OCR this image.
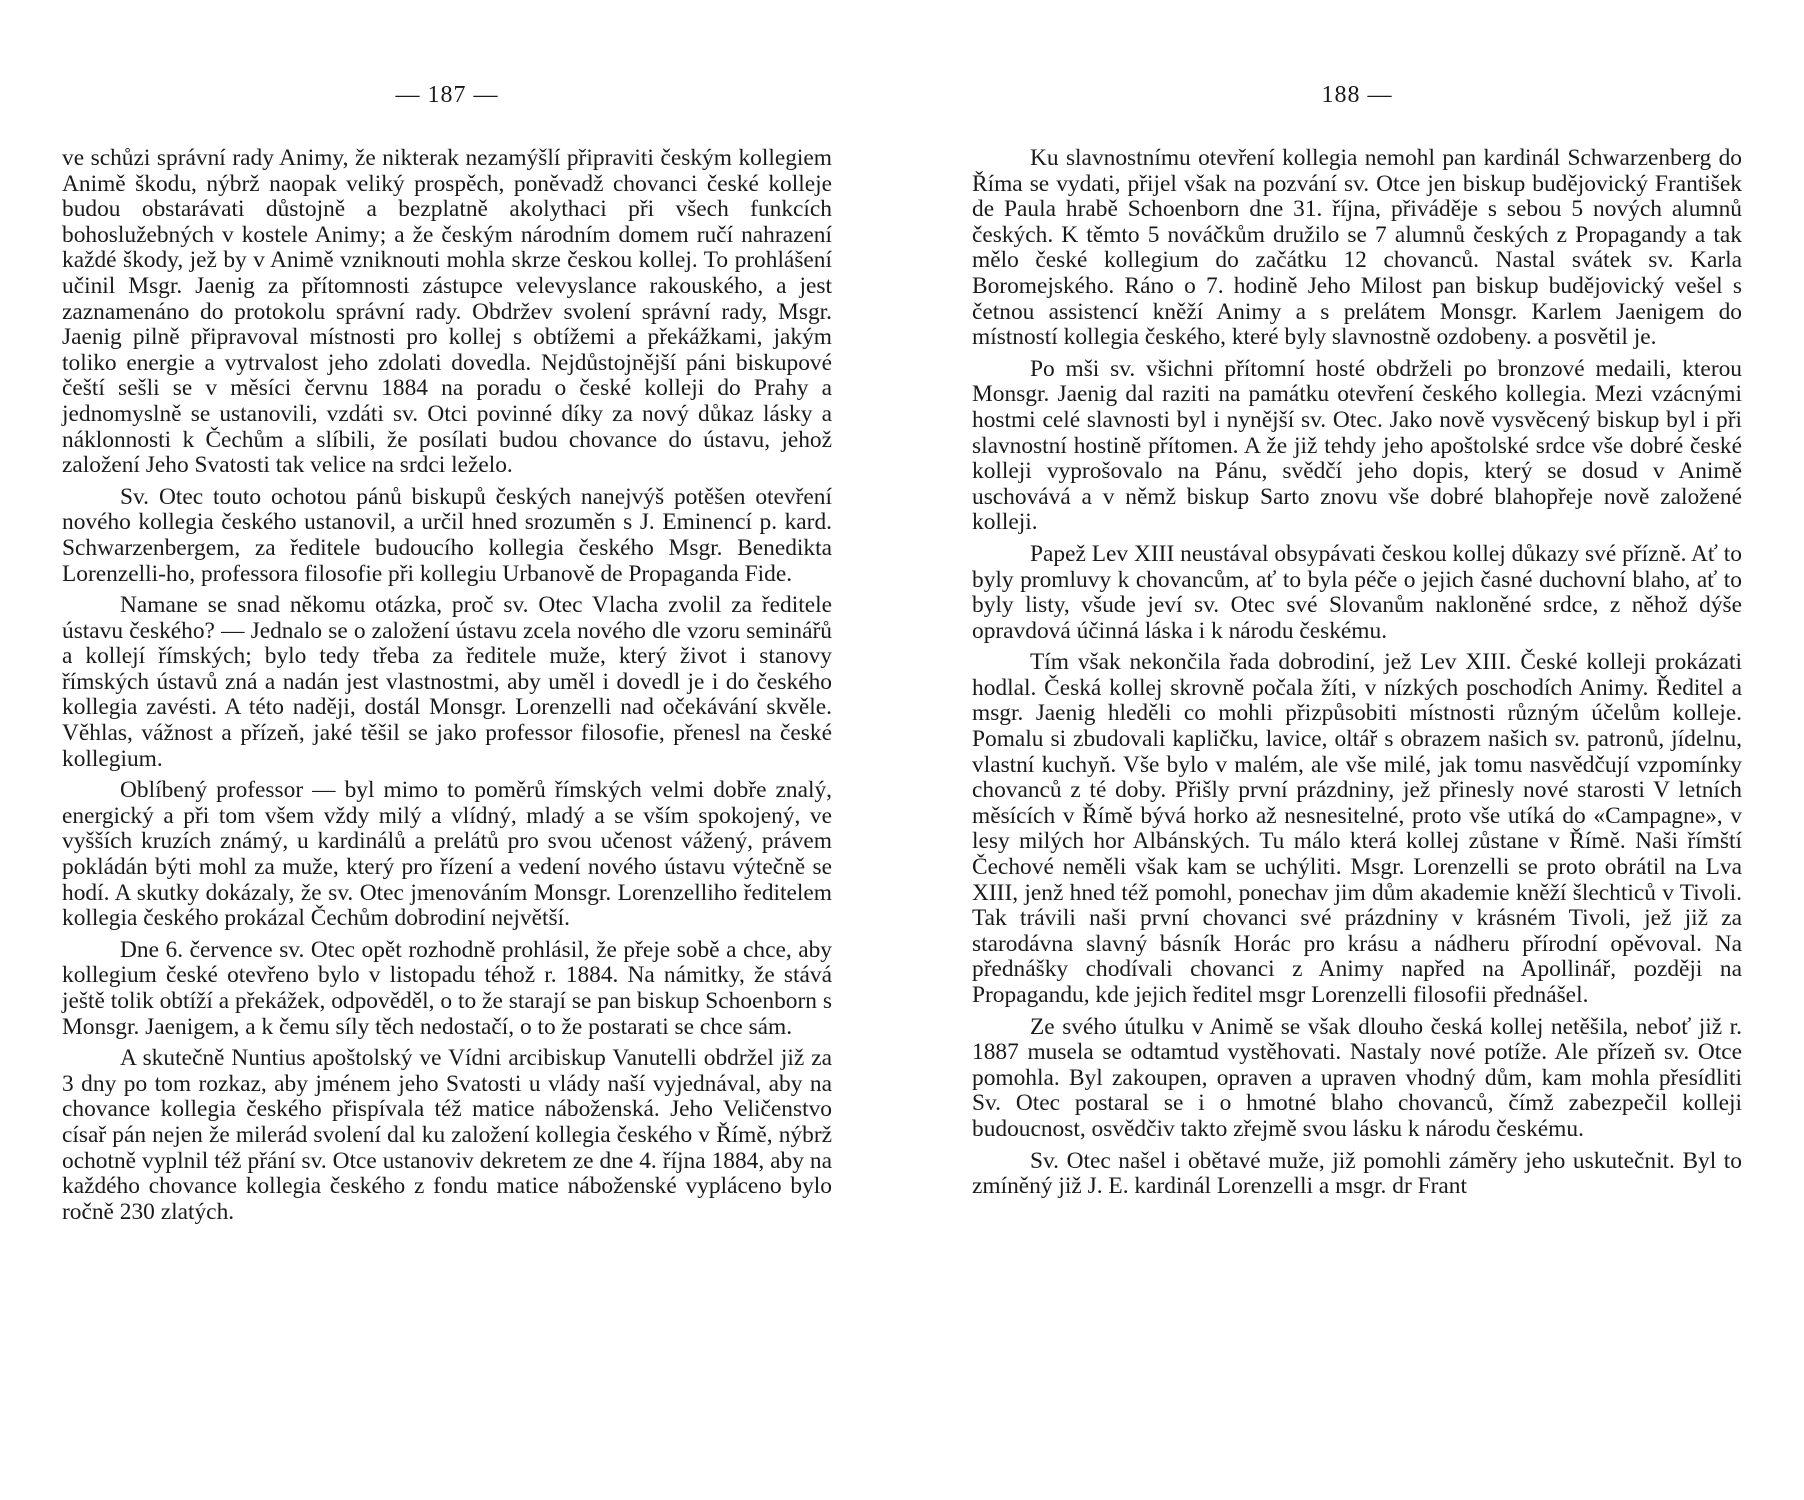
— 187 —

ve schůzi správní rady Animy, že nikterak nezamýšlí připraviti českým kollegiem Animě škodu, nýbrž naopak veliký prospěch, poněvadž chovanci české kolleje budou obstarávati důstojně a bezplatně akolythaci při všech funkcích bohoslužebných v kostele Animy; a že českým národním domem ručí nahrazení každé škody, jež by v Animě vzniknouti mohla skrze českou kollej. To prohlášení učinil Msgr. Jaenig za přítomnosti zástupce velevyslance rakouského, a jest zaznamenáno do protokolu správní rady. Obdržev svolení správní rady, Msgr. Jaenig pilně připravoval místnosti pro kollej s obtížemi a překážkami, jakým toliko energie a vytrvalost jeho zdolati dovedla. Nejdůstojnější páni biskupové čeští sešli se v měsíci červnu 1884 na poradu o české kolleji do Prahy a jednomyslně se ustanovili, vzdáti sv. Otci povinné díky za nový důkaz lásky a náklonnosti k Čechům a slíbili, že posílati budou chovance do ústavu, jehož založení Jeho Svatosti tak velice na srdci leželo.

Sv. Otec touto ochotou pánů biskupů českých nanejvýš potěšen otevření nového kollegia českého ustanovil, a určil hned srozuměn s J. Eminencí p. kard. Schwarzenbergem, za ředitele budoucího kollegia českého Msgr. Benedikta Lorenzelli-ho, professora filosofie při kollegiu Urbanově de Propaganda Fide.

Namane se snad někomu otázka, proč sv. Otec Vlacha zvolil za ředitele ústavu českého? — Jednalo se o založení ústavu zcela nového dle vzoru seminářů a kollejí římských; bylo tedy třeba za ředitele muže, který život i stanovy římských ústavů zná a nadán jest vlastnostmi, aby uměl i dovedl je i do českého kollegia zavésti. A této naději, dostál Monsgr. Lorenzelli nad očekávání skvěle. Věhlas, vážnost a přízeň, jaké těšil se jako professor filosofie, přenesl na české kollegium.

Oblíbený professor — byl mimo to poměrů římských velmi dobře znalý, energický a při tom všem vždy milý a vlídný, mladý a se vším spokojený, ve vyšších kruzích známý, u kardinálů a prelátů pro svou učenost vážený, právem pokládán býti mohl za muže, který pro řízení a vedení nového ústavu výtečně se hodí. A skutky dokázaly, že sv. Otec jmenováním Monsgr. Lorenzelliho ředitelem kollegia českého prokázal Čechům dobrodiní největší.

Dne 6. července sv. Otec opět rozhodně prohlásil, že přeje sobě a chce, aby kollegium české otevřeno bylo v listopadu téhož r. 1884. Na námitky, že stává ještě tolik obtíží a překážek, odpověděl, o to že starají se pan biskup Schoenborn s Monsgr. Jaenigem, a k čemu síly těch nedostačí, o to že postarati se chce sám.

A skutečně Nuntius apoštolský ve Vídni arcibiskup Vanutelli obdržel již za 3 dny po tom rozkaz, aby jménem jeho Svatosti u vlády naší vyjednával, aby na chovance kollegia českého přispívala též matice náboženská. Jeho Veličenstvo císař pán nejen že milerád svolení dal ku založení kollegia českého v Římě, nýbrž ochotně vyplnil též přání sv. Otce ustanoviv dekretem ze dne 4. října 1884, aby na každého chovance kollegia českého z fondu matice náboženské vypláceno bylo ročně 230 zlatých.

188 —

Ku slavnostnímu otevření kollegia nemohl pan kardinál Schwarzenberg do Říma se vydati, přijel však na pozvání sv. Otce jen biskup budějovický František de Paula hrabě Schoenborn dne 31. října, přiváděje s sebou 5 nových alumnů českých. K těmto 5 nováčkům družilo se 7 alumnů českých z Propagandy a tak mělo české kollegium do začátku 12 chovanců. Nastal svátek sv. Karla Boromejského. Ráno o 7. hodině Jeho Milost pan biskup budějovický vešel s četnou assistencí kněží Animy a s prelátem Monsgr. Karlem Jaenigem do místností kollegia českého, které byly slavnostně ozdobeny. a posvětil je.

Po mši sv. všichni přítomní hosté obdrželi po bronzové medaili, kterou Monsgr. Jaenig dal raziti na památku otevření českého kollegia. Mezi vzácnými hostmi celé slavnosti byl i nynější sv. Otec. Jako nově vysvěcený biskup byl i při slavnostní hostině přítomen. A že již tehdy jeho apoštolské srdce vše dobré české kolleji vyprošovalo na Pánu, svědčí jeho dopis, který se dosud v Animě uschovává a v němž biskup Sarto znovu vše dobré blahopřeje nově založené kolleji.

Papež Lev XIII neustával obsypávati českou kollej důkazy své přízně. Ať to byly promluvy k chovancům, ať to byla péče o jejich časné duchovní blaho, ať to byly listy, všude jeví sv. Otec své Slovanům nakloněné srdce, z něhož dýše opravdová účinná láska i k národu českému.

Tím však nekončila řada dobrodiní, jež Lev XIII. České kolleji prokázati hodlal. Česká kollej skrovně počala žíti, v nízkých poschodích Animy. Ředitel a msgr. Jaenig hleděli co mohli přizpůsobiti místnosti různým účelům kolleje. Pomalu si zbudovali kapličku, lavice, oltář s obrazem našich sv. patronů, jídelnu, vlastní kuchyň. Vše bylo v malém, ale vše milé, jak tomu nasvědčují vzpomínky chovanců z té doby. Přišly první prázdniny, jež přinesly nové starosti V letních měsících v Římě bývá horko až nesnesitelné, proto vše utíká do «Campagne», v lesy milých hor Albánských. Tu málo která kollej zůstane v Římě. Naši římští Čechové neměli však kam se uchýliti. Msgr. Lorenzelli se proto obrátil na Lva XIII, jenž hned též pomohl, ponechav jim dům akademie kněží šlechticů v Tivoli. Tak trávili naši první chovanci své prázdniny v krásném Tivoli, jež již za starodávna slavný básník Horác pro krásu a nádheru přírodní opěvoval. Na přednášky chodívali chovanci z Animy napřed na Apollinář, později na Propagandu, kde jejich ředitel msgr Lorenzelli filosofii přednášel.

Ze svého útulku v Animě se však dlouho česká kollej netěšila, neboť již r. 1887 musela se odtamtud vystěhovati. Nastaly nové potíže. Ale přízeň sv. Otce pomohla. Byl zakoupen, opraven a upraven vhodný dům, kam mohla přesídliti Sv. Otec postaral se i o hmotné blaho chovanců, čímž zabezpečil kolleji budoucnost, osvědčiv takto zřejmě svou lásku k národu českému.

Sv. Otec našel i obětavé muže, již pomohli záměry jeho uskutečnit. Byl to zmíněný již J. E. kardinál Lorenzelli a msgr. dr Frant
